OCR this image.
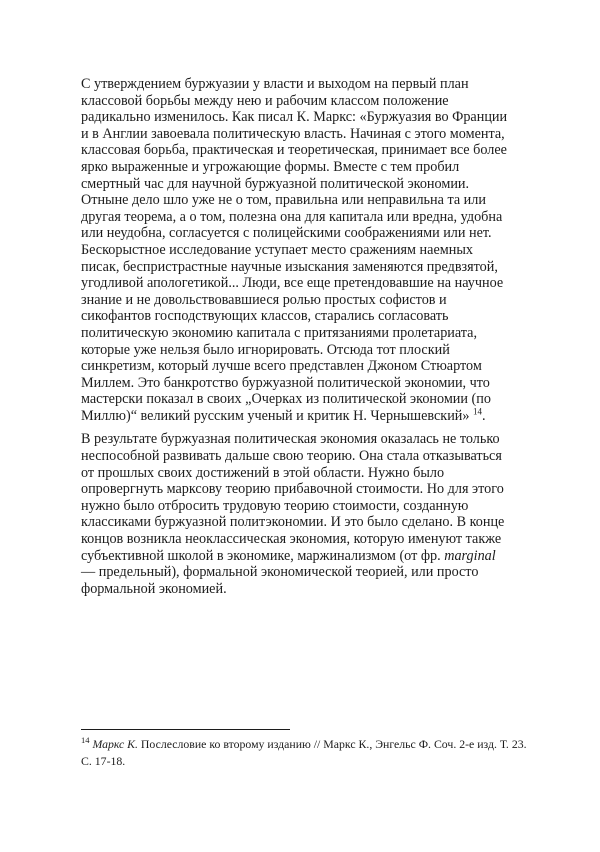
С утверждением буржуазии у власти и выходом на первый план
классовой борьбы между нею и рабочим классом положение
радикально изменилось. Как писал К. Маркс: «Буржуазия во Франции
и в Англии завоевала политическую власть. Начиная с этого момента,
классовая борьба, практическая и теоретическая, принимает все более
ярко выраженные и угрожающие формы. Вместе с тем пробил
смертный час для научной буржуазной политической экономии.
Отныне дело шло уже не о том, правильна или неправильна та или
другая теорема, а о том, полезна она для капитала или вредна, удобна
или неудобна, согласуется с полицейскими соображениями или нет.
Бескорыстное исследование уступает место сражениям наемных
писак, беспристрастные научные изыскания заменяются предвзятой,
угодливой апологетикой... Люди, все еще претендовавшие на научное
знание и не довольствовавшиеся ролью простых софистов и
сикофантов господствующих классов, старались согласовать
политическую экономию капитала с притязаниями пролетариата,
которые уже нельзя было игнорировать. Отсюда тот плоский
синкретизм, который лучше всего представлен Джоном Стюартом
Миллем. Это банкротство буржуазной политической экономии, что
мастерски показал в своих „Очерках из политической экономии (по
Миллю)“ великий русским ученый и критик Н. Чернышевский» $^{14}$.
В результате буржуазная политическая экономия оказалась не только
неспособной развивать дальше свою теорию. Она стала отказываться
от прошлых своих достижений в этой области. Нужно было
опровергнуть марксову теорию прибавочной стоимости. Но для этого
нужно было отбросить трудовую теорию стоимости, созданную
классиками буржуазной политэкономии. И это было сделано. В конце
концов возникла неоклассическая экономия, которую именуют также
субъективной школой в экономике, маржинализмом (от фр. marginal
— предельный), формальной экономической теорией, или просто
формальной экономией.
$^{14}$ Маркс К. Послесловие ко второму изданию // Маркс К., Энгельс Ф. Соч. 2-е изд. Т. 23.
С. 17-18.
